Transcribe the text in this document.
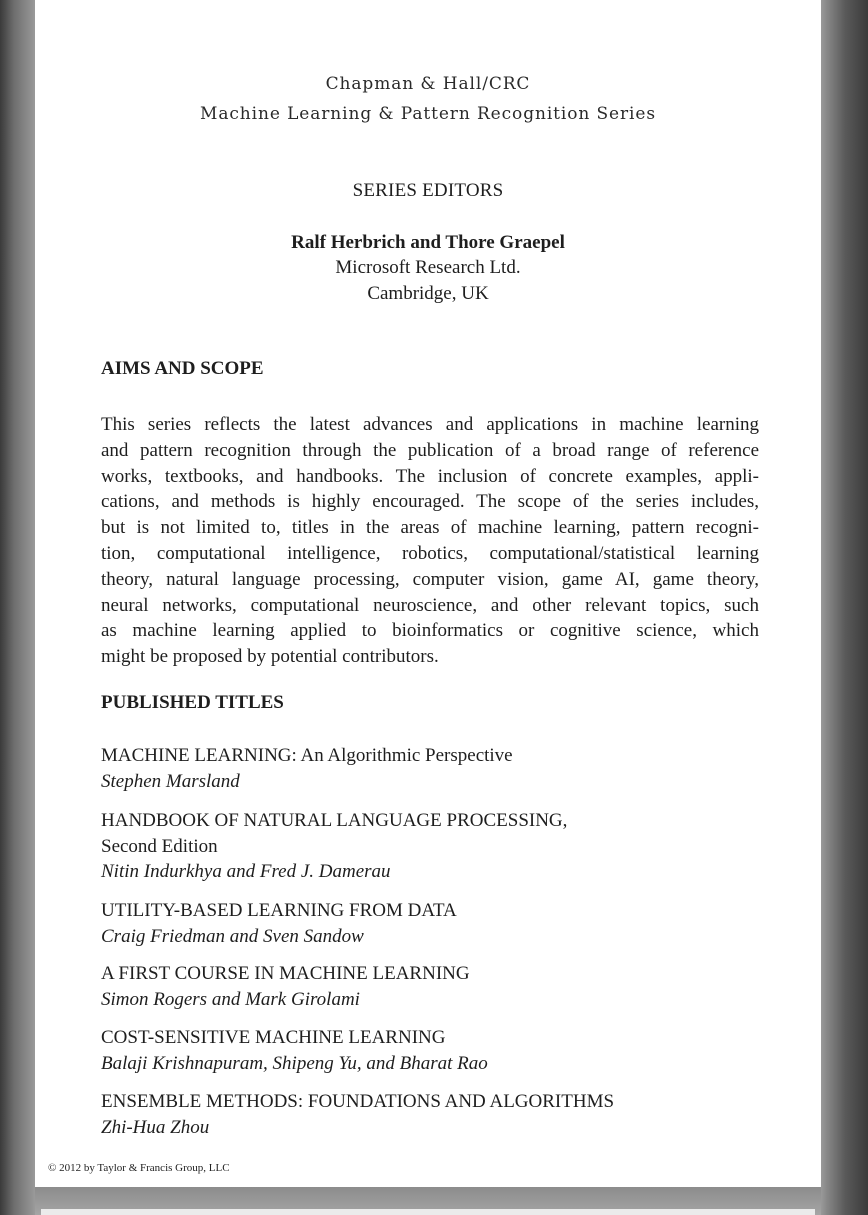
Chapman & Hall/CRC
Machine Learning & Pattern Recognition Series
SERIES EDITORS
Ralf Herbrich and Thore Graepel
Microsoft Research Ltd.
Cambridge, UK
AIMS AND SCOPE
This series reflects the latest advances and applications in machine learning
and pattern recognition through the publication of a broad range of reference
works, textbooks, and handbooks. The inclusion of concrete examples, appli-
cations, and methods is highly encouraged. The scope of the series includes,
but is not limited to, titles in the areas of machine learning, pattern recogni-
tion, computational intelligence, robotics, computational/statistical learning
theory, natural language processing, computer vision, game AI, game theory,
neural networks, computational neuroscience, and other relevant topics, such
as machine learning applied to bioinformatics or cognitive science, which
might be proposed by potential contributors.
PUBLISHED TITLES
MACHINE LEARNING: An Algorithmic Perspective
Stephen Marsland
HANDBOOK OF NATURAL LANGUAGE PROCESSING,
Second Edition
Nitin Indurkhya and Fred J. Damerau
UTILITY-BASED LEARNING FROM DATA
Craig Friedman and Sven Sandow
A FIRST COURSE IN MACHINE LEARNING
Simon Rogers and Mark Girolami
COST-SENSITIVE MACHINE LEARNING
Balaji Krishnapuram, Shipeng Yu, and Bharat Rao
ENSEMBLE METHODS: FOUNDATIONS AND ALGORITHMS
Zhi-Hua Zhou
© 2012 by Taylor & Francis Group, LLC
